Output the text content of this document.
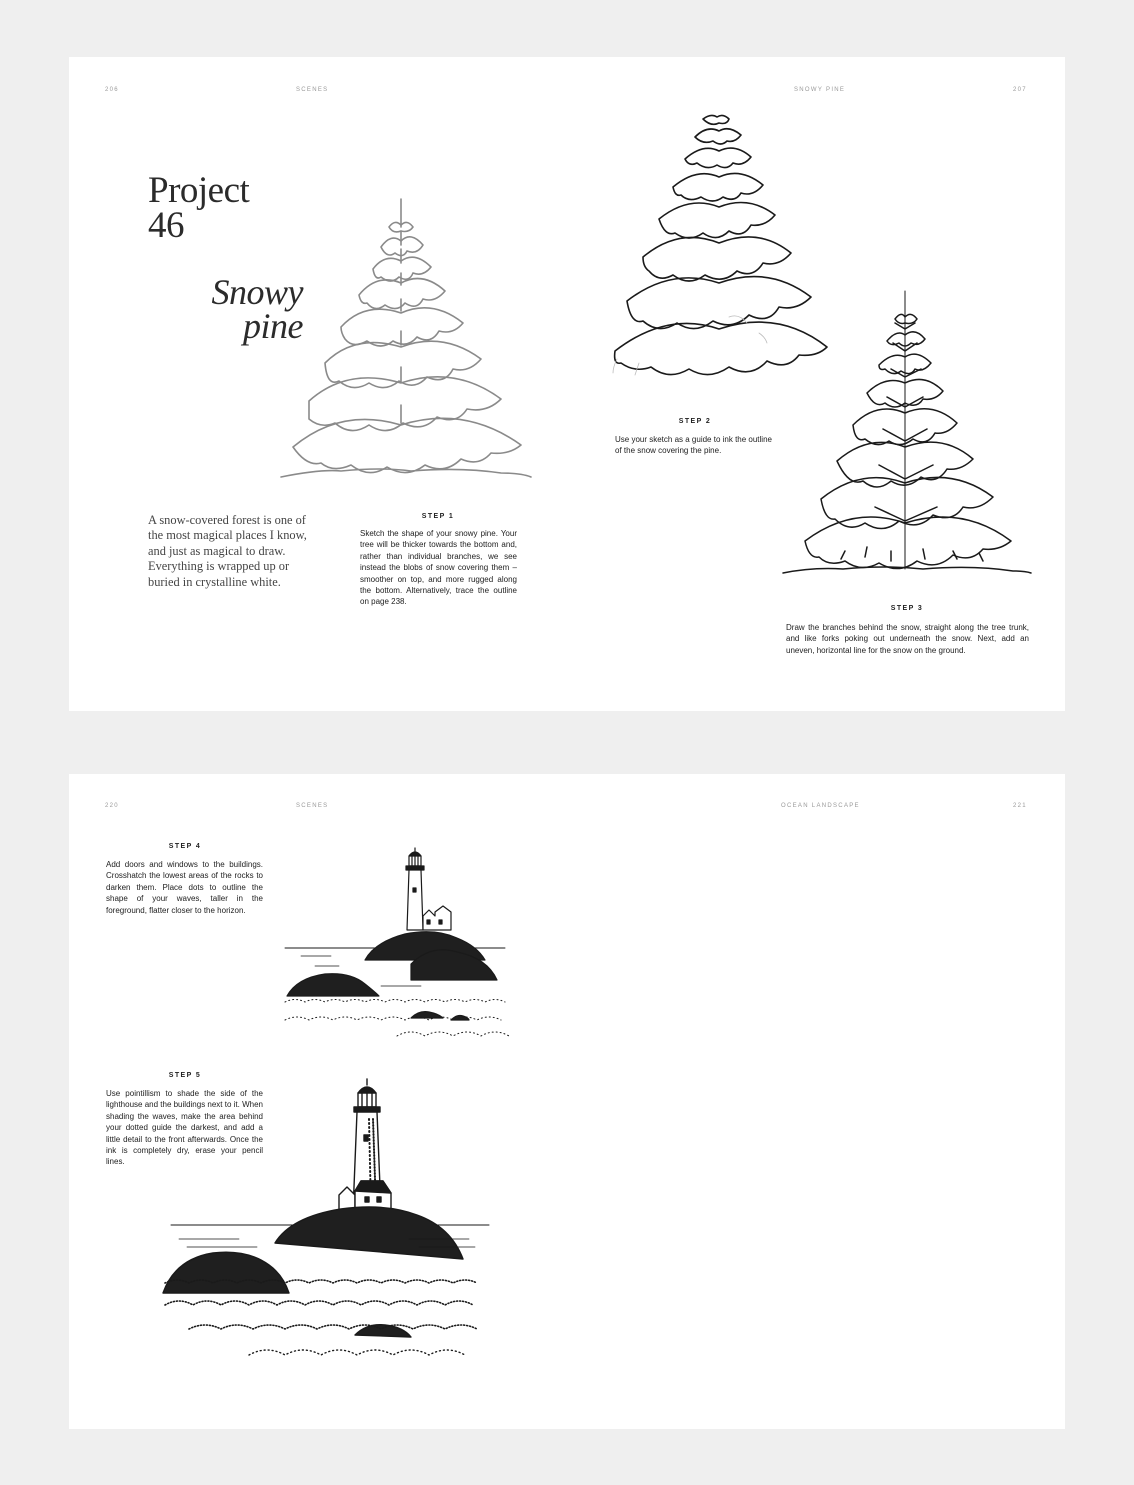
206	SCENES	SNOWY PINE	207
Project
46
Snowy
pine
A snow-covered forest is one of the most magical places I know, and just as magical to draw. Everything is wrapped up or buried in crystalline white.
STEP 1
Sketch the shape of your snowy pine. Your tree will be thicker towards the bottom and, rather than individual branches, we see instead the blobs of snow covering them – smoother on top, and more rugged along the bottom. Alternatively, trace the outline on page 238.
STEP 2
Use your sketch as a guide to ink the outline of the snow covering the pine.
STEP 3
Draw the branches behind the snow, straight along the tree trunk, and like forks poking out underneath the snow. Next, add an uneven, horizontal line for the snow on the ground.
220	SCENES	OCEAN LANDSCAPE	221
STEP 4
Add doors and windows to the buildings. Crosshatch the lowest areas of the rocks to darken them. Place dots to outline the shape of your waves, taller in the foreground, flatter closer to the horizon.
STEP 5
Use pointillism to shade the side of the lighthouse and the buildings next to it. When shading the waves, make the area behind your dotted guide the darkest, and add a little detail to the front afterwards. Once the ink is completely dry, erase your pencil lines.
